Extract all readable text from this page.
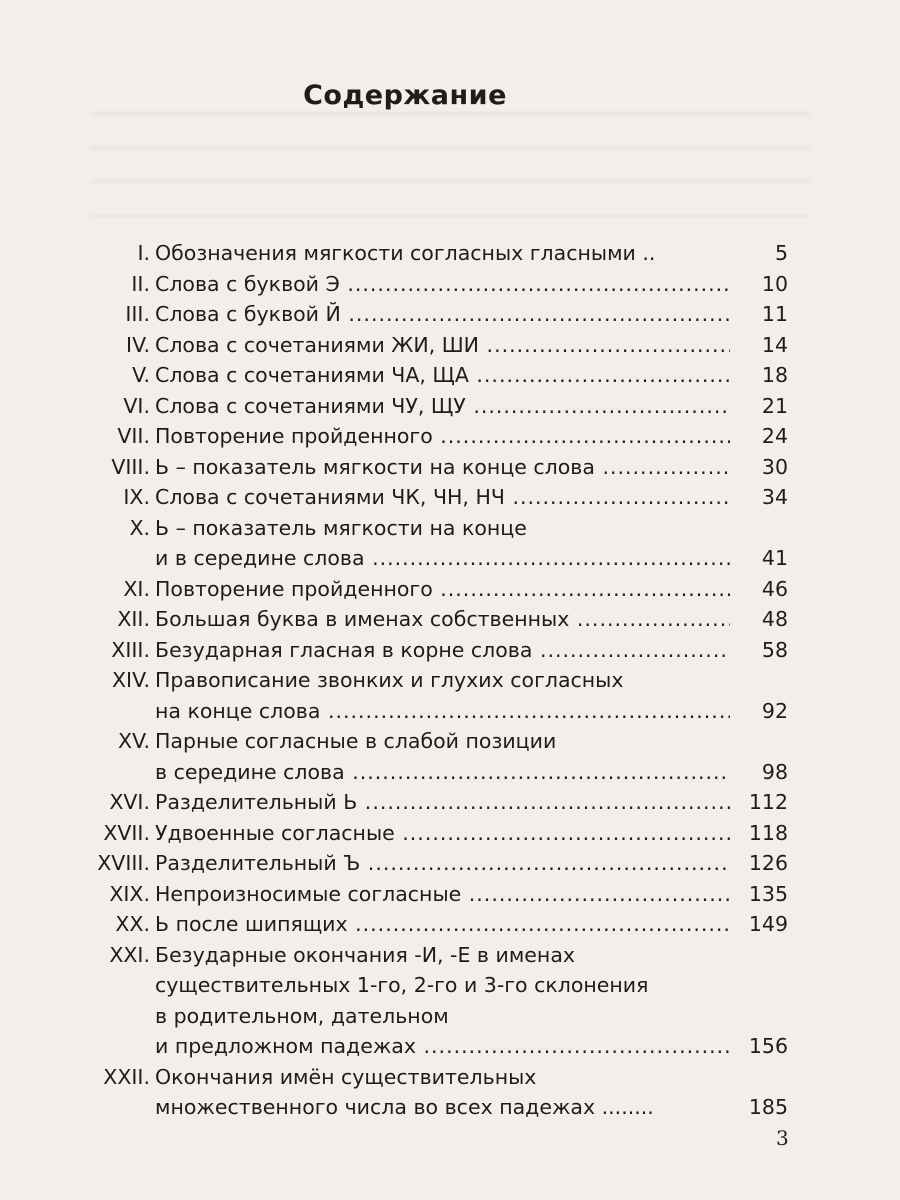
Содержание
I. Обозначения мягкости согласных гласными ..	5
II. Слова с буквой Э .....	10
III. Слова с буквой Й .....	11
IV. Слова с сочетаниями ЖИ, ШИ .....	14
V. Слова с сочетаниями ЧА, ЩА .....	18
VI. Слова с сочетаниями ЧУ, ЩУ .....	21
VII. Повторение пройденного .....	24
VIII. Ь – показатель мягкости на конце слова .....	30
IX. Слова с сочетаниями ЧК, ЧН, НЧ .....	34
X. Ь – показатель мягкости на конце
и в середине слова .....	41
XI. Повторение пройденного .....	46
XII. Большая буква в именах собственных .....	48
XIII. Безударная гласная в корне слова .....	58
XIV. Правописание звонких и глухих согласных
на конце слова .....	92
XV. Парные согласные в слабой позиции
в середине слова .....	98
XVI. Разделительный Ь .....	112
XVII. Удвоенные согласные .....	118
XVIII. Разделительный Ъ .....	126
XIX. Непроизносимые согласные .....	135
XX. Ь после шипящих .....	149
XXI. Безударные окончания -И, -Е в именах
существительных 1-го, 2-го и 3-го склонения
в родительном, дательном
и предложном падежах .....	156
XXII. Окончания имён существительных
множественного числа во всех падежах ........	185
3
